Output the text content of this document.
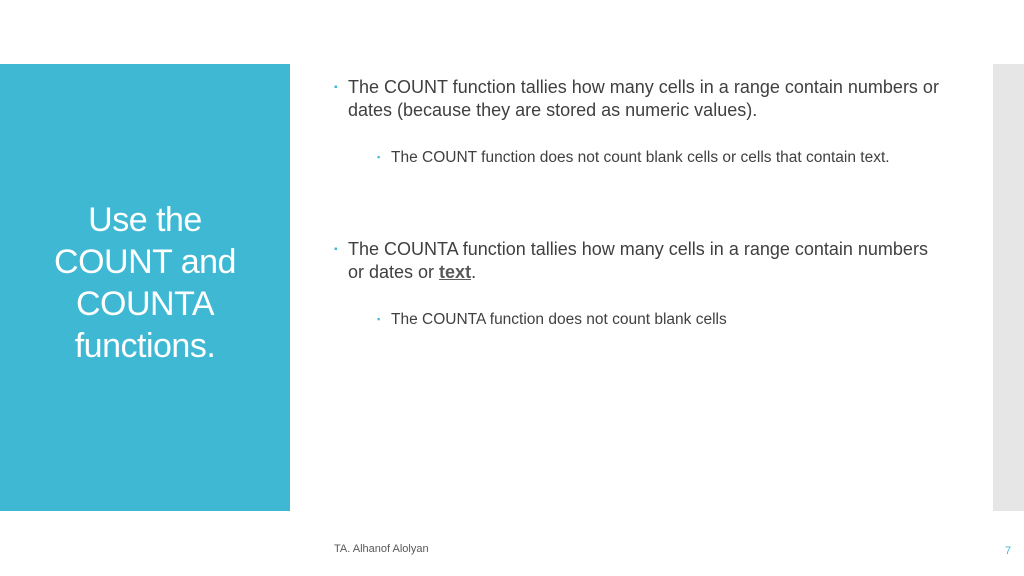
Use the COUNT and COUNTA functions.
▪ The COUNT function tallies how many cells in a range contain numbers or dates (because they are stored as numeric values).
▪ The COUNT function does not count blank cells or cells that contain text.
▪ The COUNTA function tallies how many cells in a range contain numbers or dates or text.
▪ The COUNTA function does not count blank cells
TA. Alhanof Alolyan	7
